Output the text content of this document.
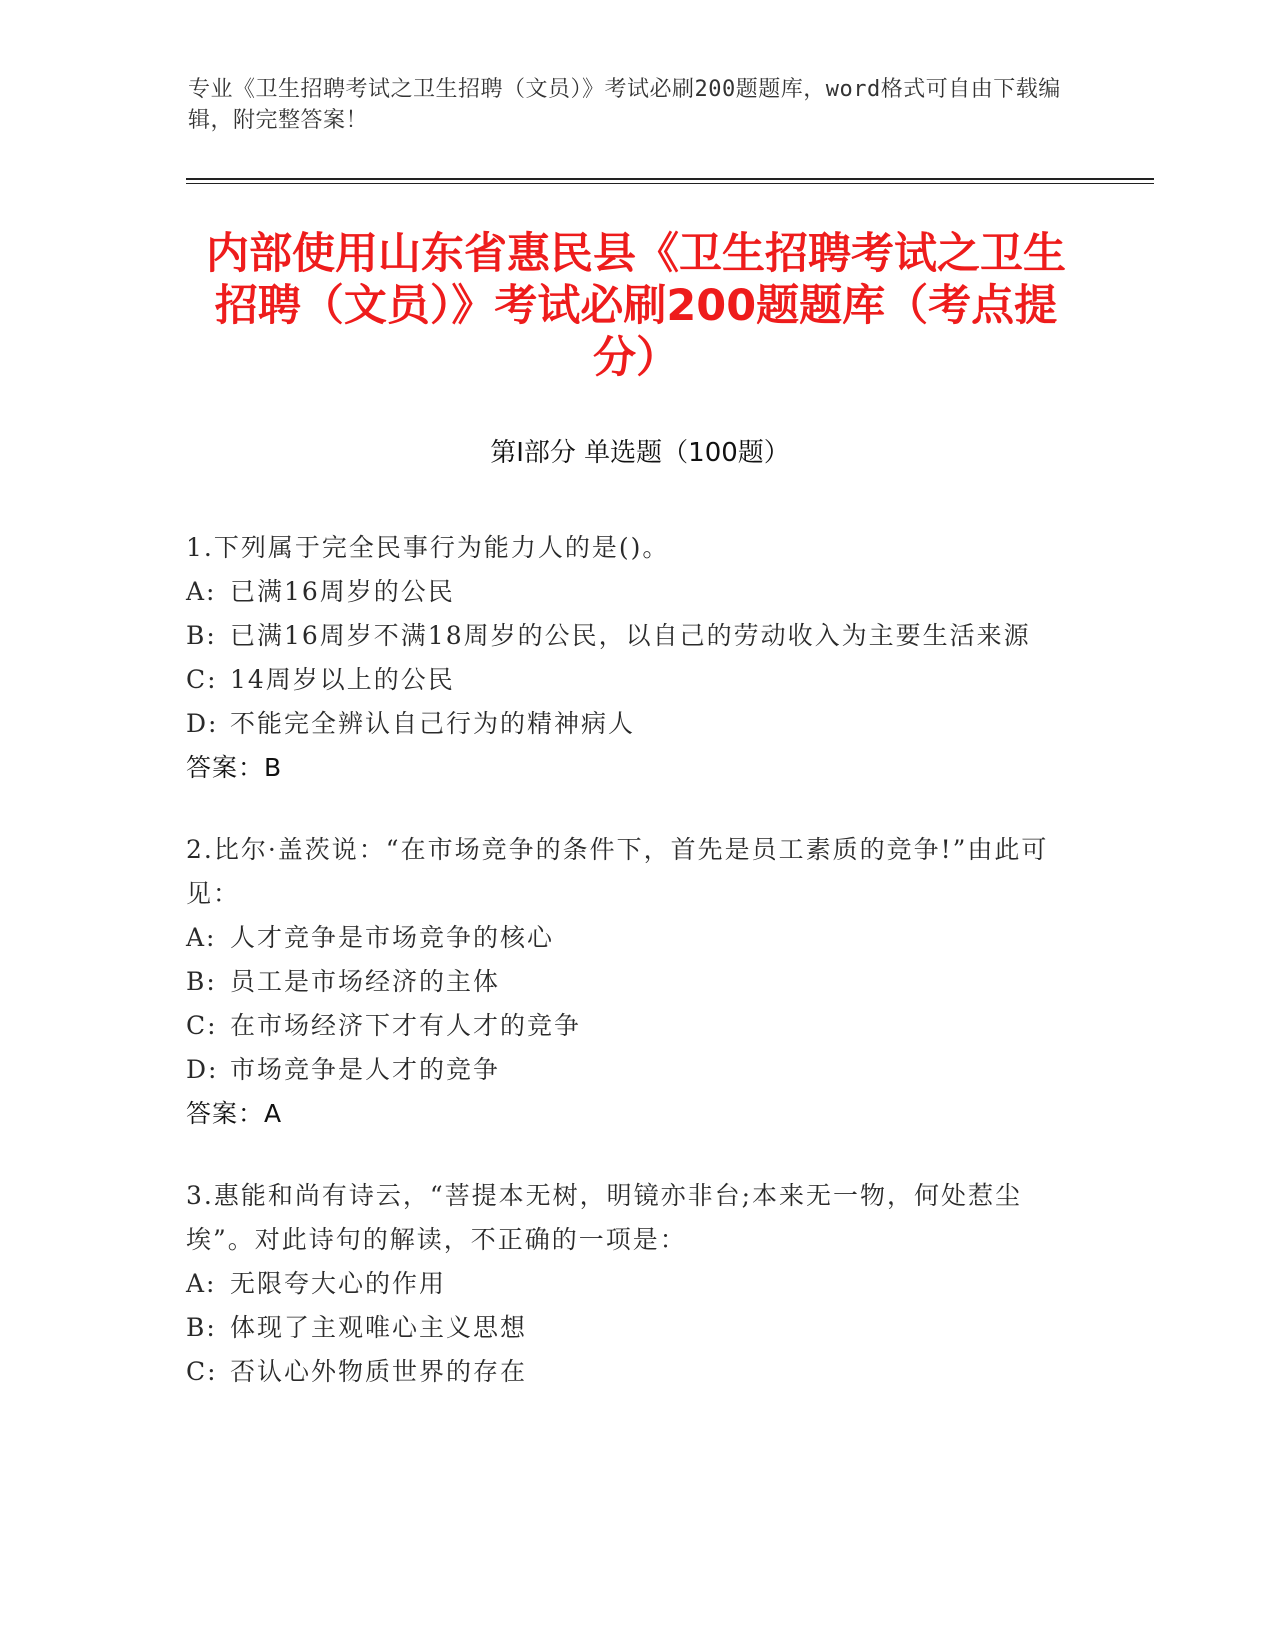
专业《卫生招聘考试之卫生招聘（文员）》考试必刷200题题库，word格式可自由下载编辑，附完整答案！
内部使用山东省惠民县《卫生招聘考试之卫生招聘（文员）》考试必刷200题题库（考点提分）
第I部分 单选题（100题）
1.下列属于完全民事行为能力人的是()。
A: 已满16周岁的公民
B: 已满16周岁不满18周岁的公民，以自己的劳动收入为主要生活来源
C: 14周岁以上的公民
D: 不能完全辨认自己行为的精神病人
答案：B
2.比尔·盖茨说：“在市场竞争的条件下，首先是员工素质的竞争!”由此可见：
A: 人才竞争是市场竞争的核心
B: 员工是市场经济的主体
C: 在市场经济下才有人才的竞争
D: 市场竞争是人才的竞争
答案：A
3.惠能和尚有诗云，“菩提本无树，明镜亦非台;本来无一物，何处惹尘埃”。对此诗句的解读，不正确的一项是：
A: 无限夸大心的作用
B: 体现了主观唯心主义思想
C: 否认心外物质世界的存在
